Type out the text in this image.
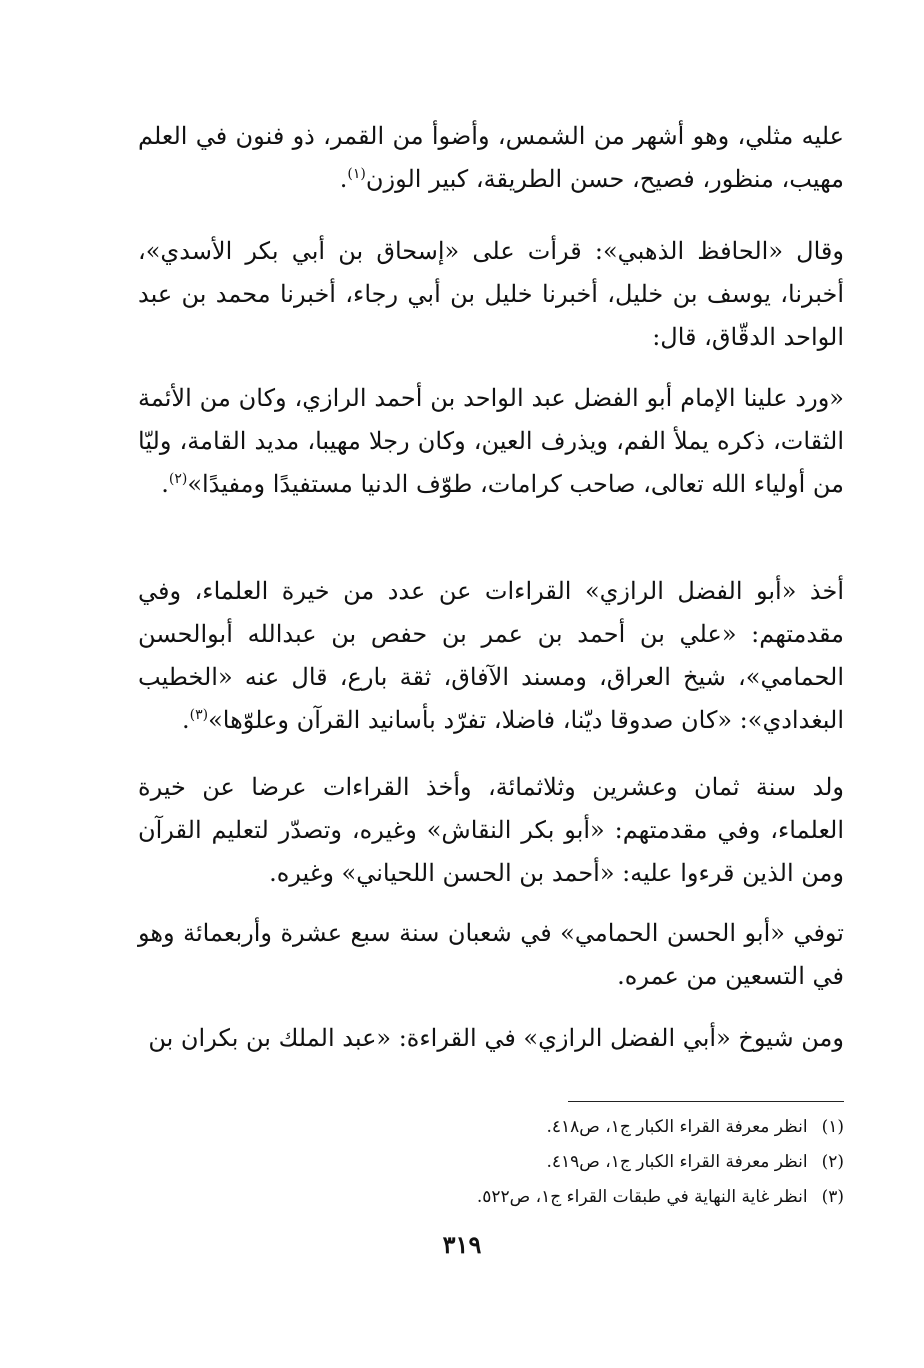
عليه مثلي، وهو أشهر من الشمس، وأضوأ من القمر، ذو فنون في العلم مهيب، منظور، فصيح، حسن الطريقة، كبير الوزن$^{(١)}$.

وقال «الحافظ الذهبي»: قرأت على «إسحاق بن أبي بكر الأسدي»، أخبرنا، يوسف بن خليل، أخبرنا خليل بن أبي رجاء، أخبرنا محمد بن عبد الواحد الدقّاق، قال:

«ورد علينا الإمام أبو الفضل عبد الواحد بن أحمد الرازي، وكان من الأئمة الثقات، ذكره يملأ الفم، ويذرف العين، وكان رجلا مهيبا، مديد القامة، وليّا من أولياء الله تعالى، صاحب كرامات، طوّف الدنيا مستفيدًا ومفيدًا»$^{(٢)}$.

أخذ «أبو الفضل الرازي» القراءات عن عدد من خيرة العلماء، وفي مقدمتهم: «علي بن أحمد بن عمر بن حفص بن عبدالله أبوالحسن الحمامي»، شيخ العراق، ومسند الآفاق، ثقة بارع، قال عنه «الخطيب البغدادي»: «كان صدوقا ديّنا، فاضلا، تفرّد بأسانيد القرآن وعلوّها»$^{(٣)}$.

ولد سنة ثمان وعشرين وثلاثمائة، وأخذ القراءات عرضا عن خيرة العلماء، وفي مقدمتهم: «أبو بكر النقاش» وغيره، وتصدّر لتعليم القرآن ومن الذين قرءوا عليه: «أحمد بن الحسن اللحياني» وغيره.

توفي «أبو الحسن الحمامي» في شعبان سنة سبع عشرة وأربعمائة وهو في التسعين من عمره.

ومن شيوخ «أبي الفضل الرازي» في القراءة: «عبد الملك بن بكران بن

(١)انظر معرفة القراء الكبار ج١، ص٤١٨.
(٢)انظر معرفة القراء الكبار ج١، ص٤١٩.
(٣)انظر غاية النهاية في طبقات القراء ج١، ص٥٢٢.
٣١٩
